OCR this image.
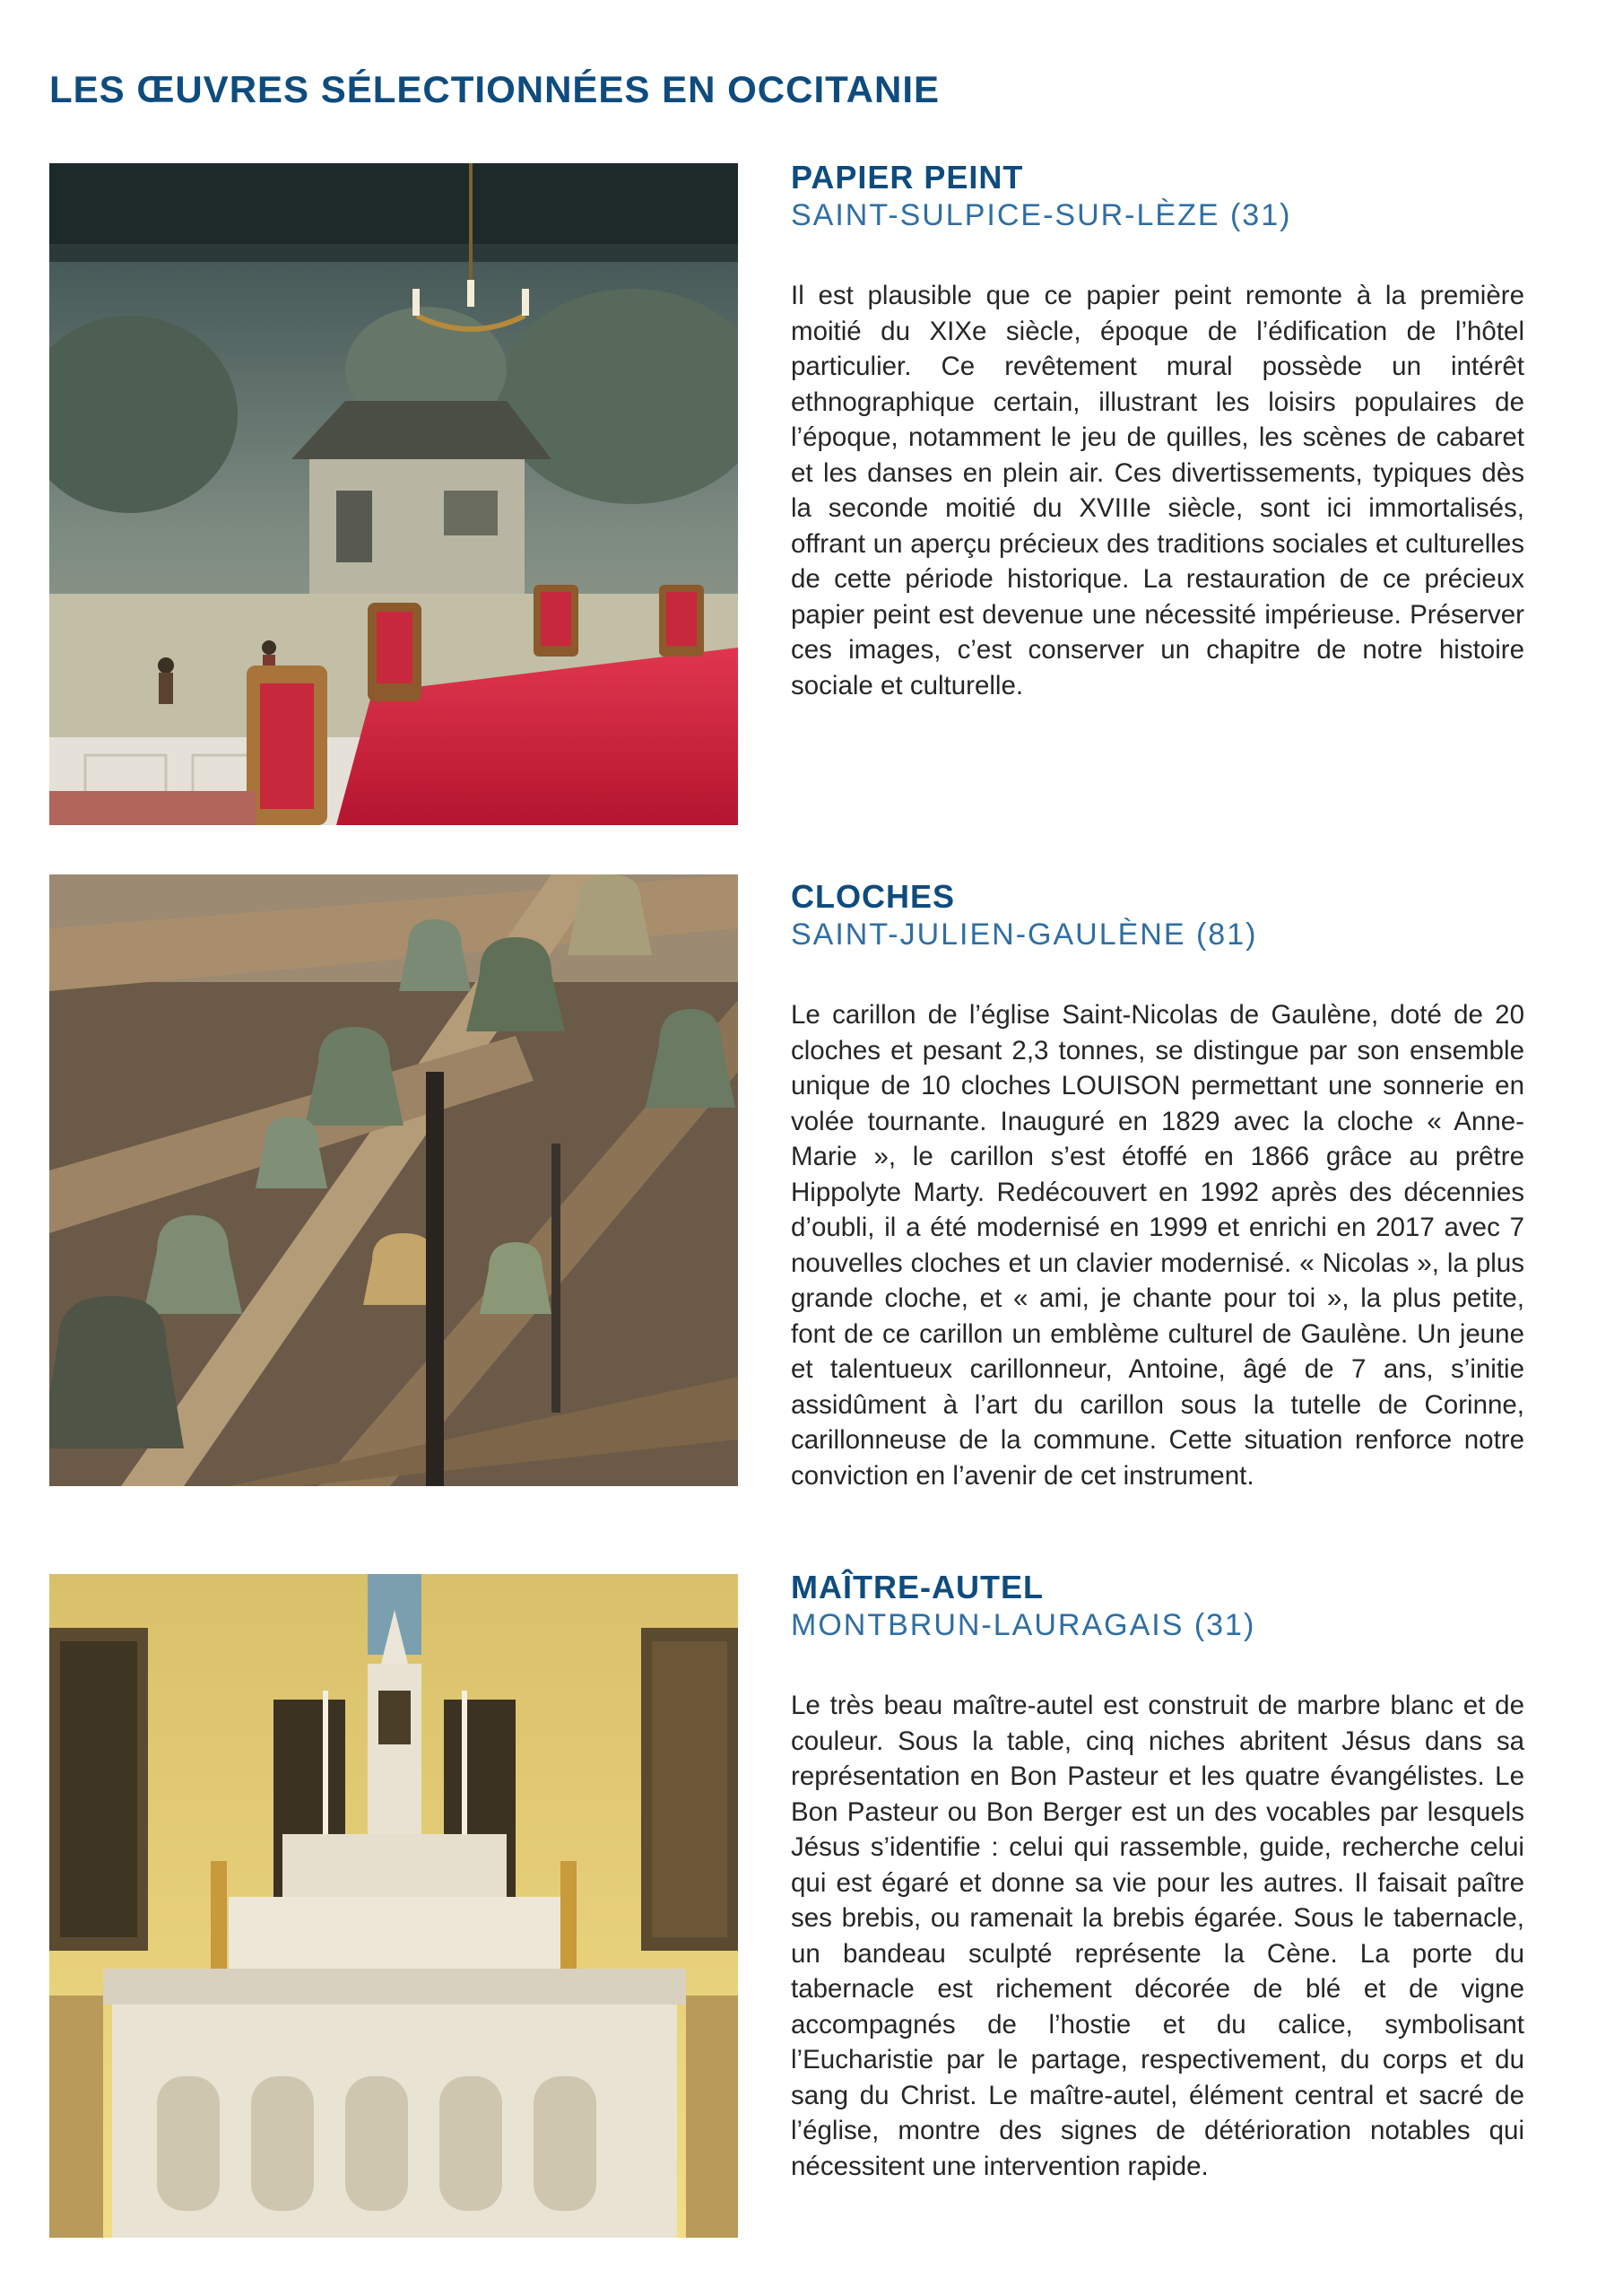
LES ŒUVRES SÉLECTIONNÉES EN OCCITANIE
PAPIER PEINT
SAINT-SULPICE-SUR-LÈZE (31)
Il est plausible que ce papier peint remonte à la première moitié du XIXe siècle, époque de l’édification de l’hôtel particulier. Ce revêtement mural possède un intérêt ethnographique certain, illustrant les loisirs populaires de l’époque, notamment le jeu de quilles, les scènes de cabaret et les danses en plein air. Ces divertissements, typiques dès la seconde moitié du XVIIIe siècle, sont ici immortalisés, offrant un aperçu précieux des traditions sociales et culturelles de cette période historique. La restauration de ce précieux papier peint est devenue une nécessité impérieuse. Préserver ces images, c’est conserver un chapitre de notre histoire sociale et culturelle.
CLOCHES
SAINT-JULIEN-GAULÈNE (81)
Le carillon de l’église Saint-Nicolas de Gaulène, doté de 20 cloches et pesant 2,3 tonnes, se distingue par son ensemble unique de 10 cloches LOUISON permettant une sonnerie en volée tournante. Inauguré en 1829 avec la cloche « Anne-Marie », le carillon s’est étoffé en 1866 grâce au prêtre Hippolyte Marty. Redécouvert en 1992 après des décennies d’oubli, il a été modernisé en 1999 et enrichi en 2017 avec 7 nouvelles cloches et un clavier modernisé. « Nicolas », la plus grande cloche, et « ami, je chante pour toi », la plus petite, font de ce carillon un emblème culturel de Gaulène. Un jeune et talentueux carillonneur, Antoine, âgé de 7 ans, s’initie assidûment à l’art du carillon sous la tutelle de Corinne, carillonneuse de la commune. Cette situation renforce notre conviction en l’avenir de cet instrument.
MAÎTRE-AUTEL
MONTBRUN-LAURAGAIS (31)
Le très beau maître-autel est construit de marbre blanc et de couleur. Sous la table, cinq niches abritent Jésus dans sa représentation en Bon Pasteur et les quatre évangélistes. Le Bon Pasteur ou Bon Berger est un des vocables par lesquels Jésus s’identifie : celui qui rassemble, guide, recherche celui qui est égaré et donne sa vie pour les autres. Il faisait paître ses brebis, ou ramenait la brebis égarée. Sous le tabernacle, un bandeau sculpté représente la Cène. La porte du tabernacle est richement décorée de blé et de vigne accompagnés de l’hostie et du calice, symbolisant l’Eucharistie par le partage, respectivement, du corps et du sang du Christ. Le maître-autel, élément central et sacré de l’église, montre des signes de détérioration notables qui nécessitent une intervention rapide.
